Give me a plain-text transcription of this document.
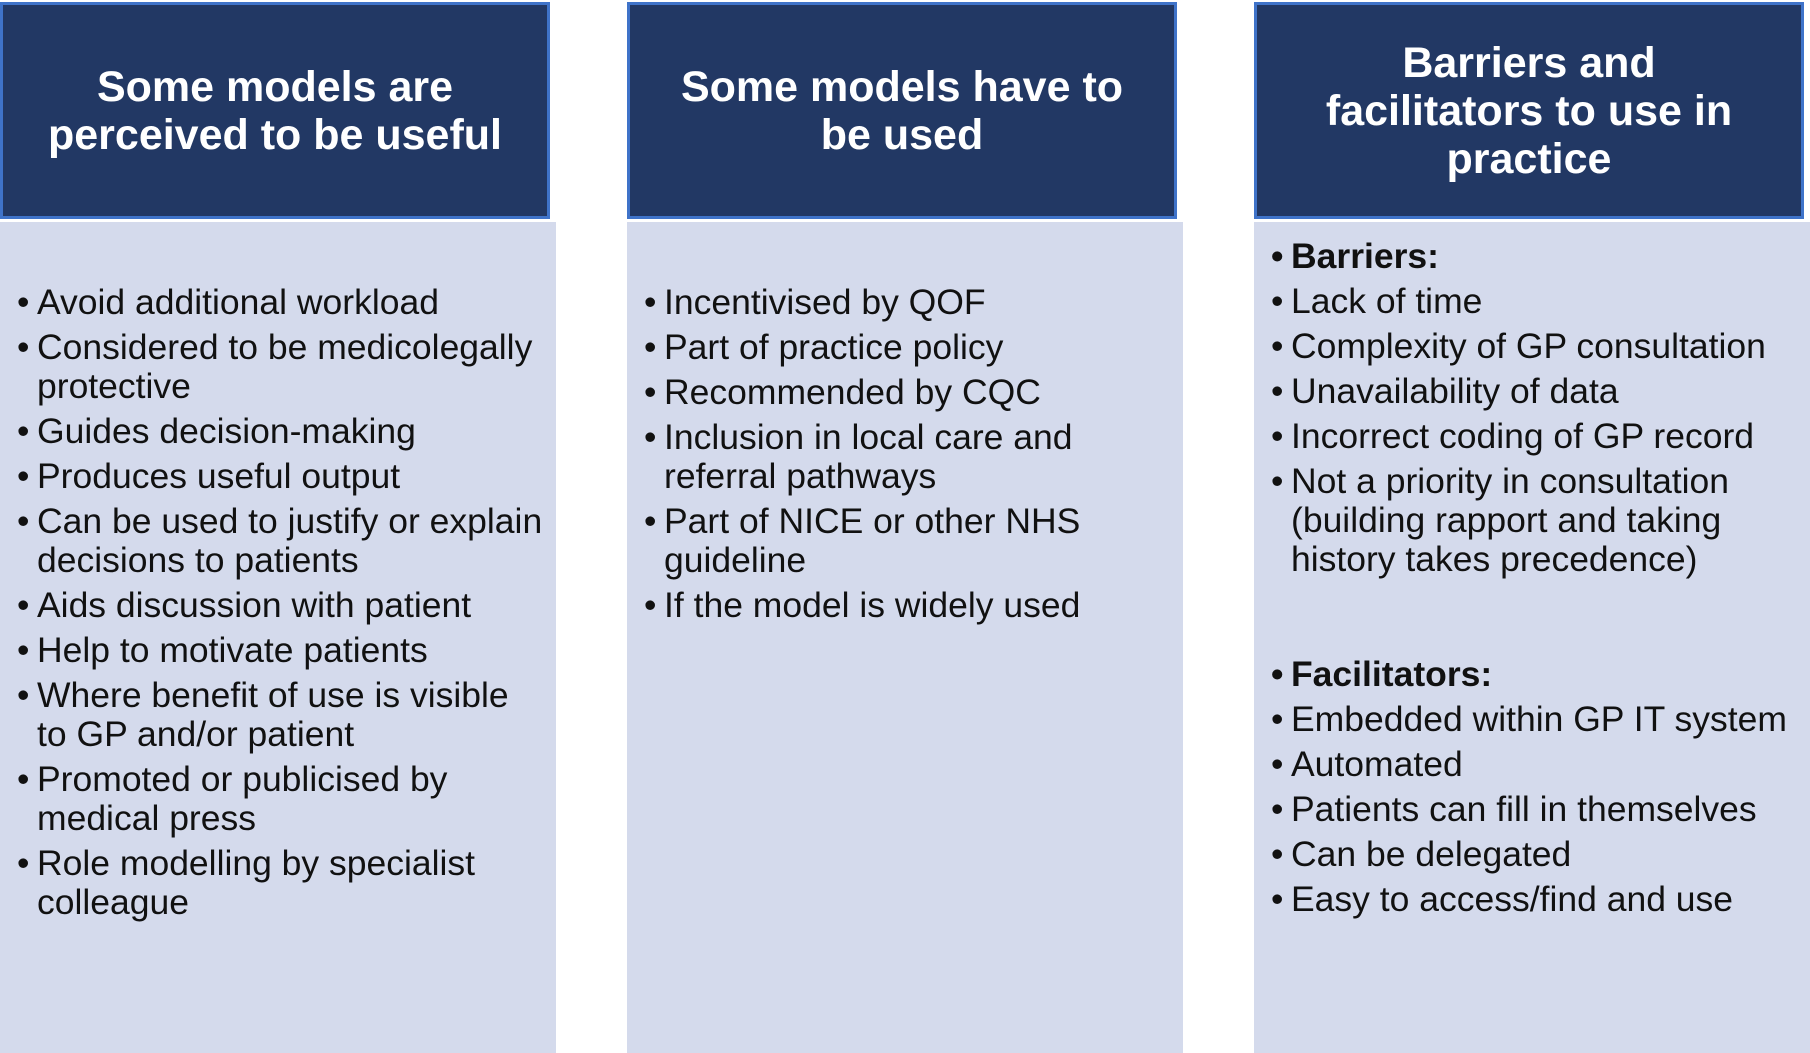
Some models are
perceived to be useful
• Avoid additional workload
• Considered to be medicolegally protective
• Guides decision-making
• Produces useful output
• Can be used to justify or explain decisions to patients
• Aids discussion with patient
• Help to motivate patients
• Where benefit of use is visible to GP and/or patient
• Promoted or publicised by medical press
• Role modelling by specialist colleague
Some models have to
be used
• Incentivised by QOF
• Part of practice policy
• Recommended by CQC
• Inclusion in local care and referral pathways
• Part of NICE or other NHS guideline
• If the model is widely used
Barriers and
facilitators to use in
practice
• Barriers:
• Lack of time
• Complexity of GP consultation
• Unavailability of data
• Incorrect coding of GP record
• Not a priority in consultation (building rapport and taking history takes precedence)
• Facilitators:
• Embedded within GP IT system
• Automated
• Patients can fill in themselves
• Can be delegated
• Easy to access/find and use
